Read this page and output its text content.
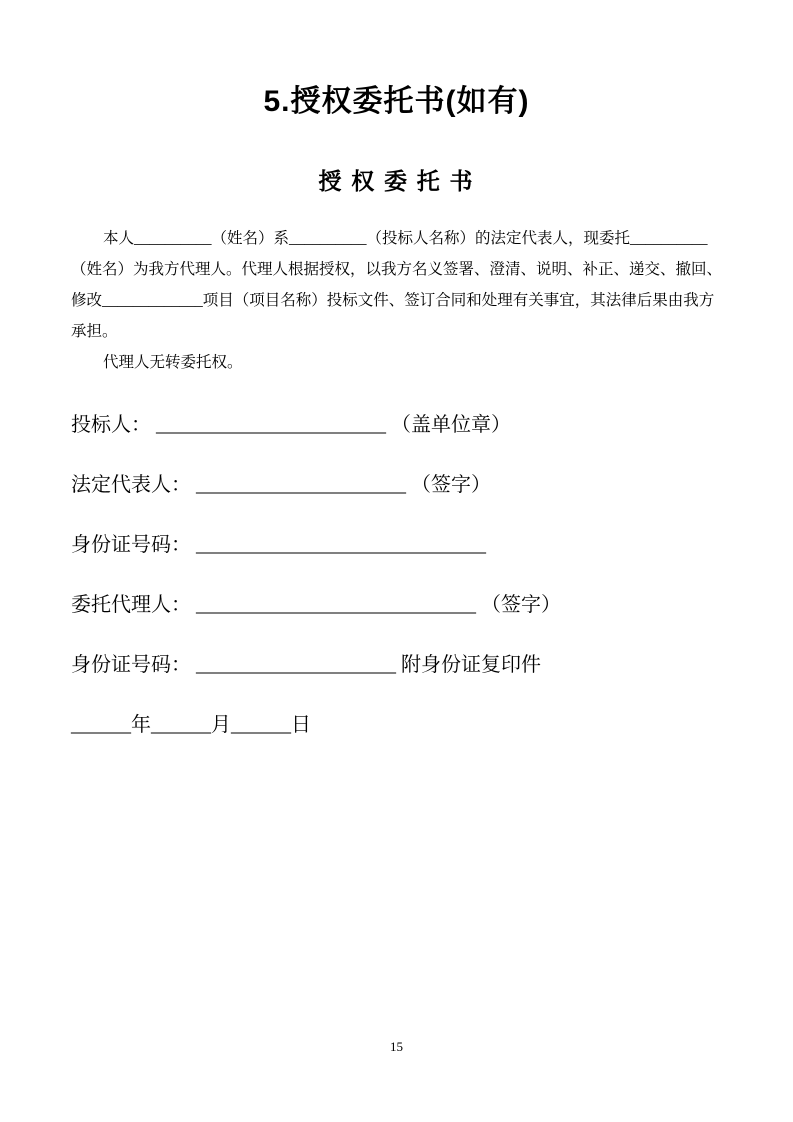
5.授权委托书(如有)
授 权 委 托 书
本人__________（姓名）系__________（投标人名称）的法定代表人，现委托__________
（姓名）为我方代理人。代理人根据授权，以我方名义签署、澄清、说明、补正、递交、撤回、
修改_____________项目（项目名称）投标文件、签订合同和处理有关事宜，其法律后果由我方
承担。
代理人无转委托权。
投标人： _______________________ （盖单位章）
法定代表人： _____________________ （签字）
身份证号码： _____________________________
委托代理人： ____________________________ （签字）
身份证号码： ____________________ 附身份证复印件
______年______月______日
15
